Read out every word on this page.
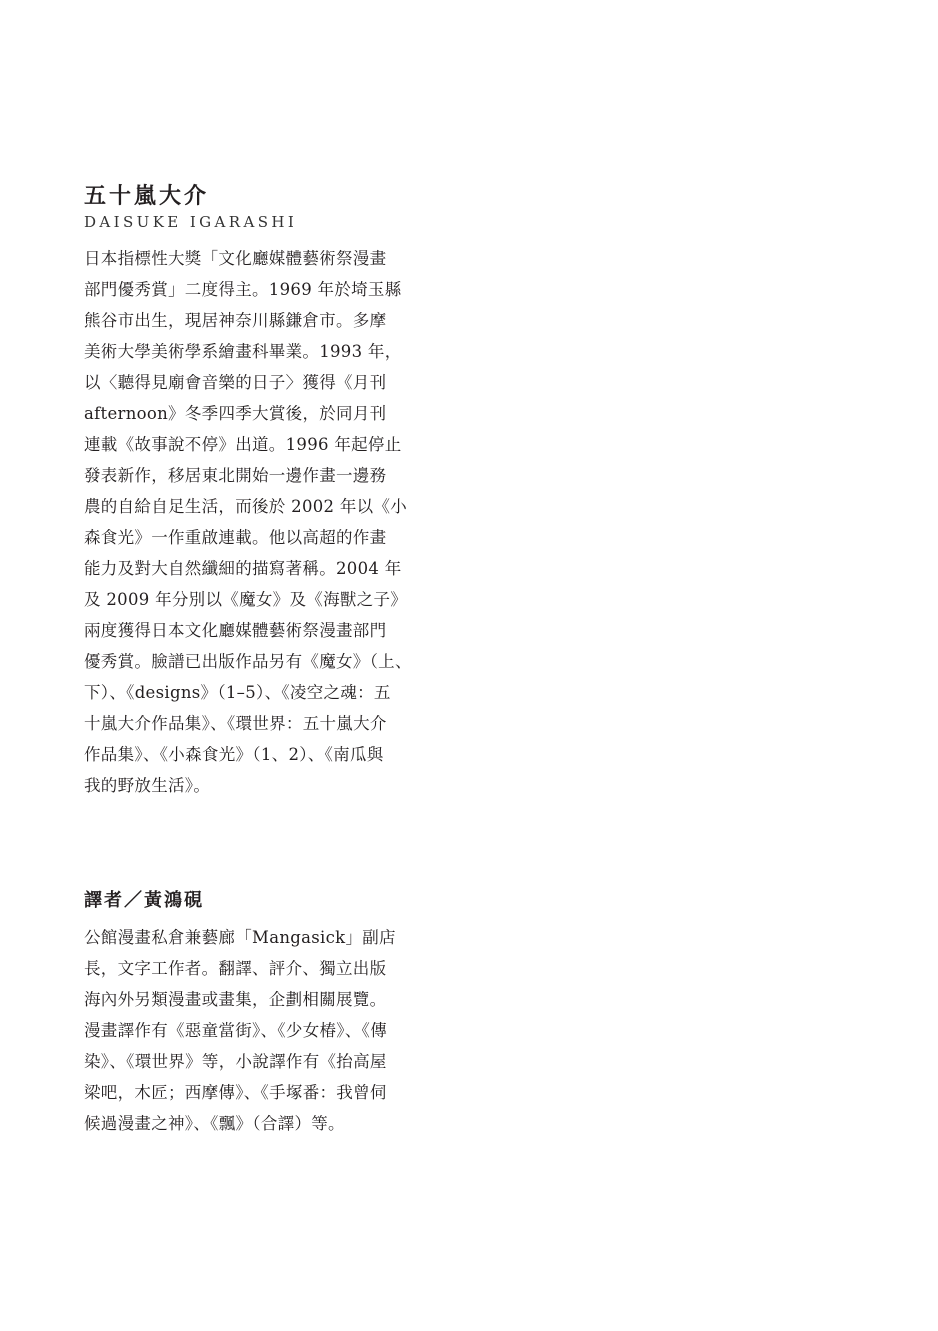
五十嵐大介
DAISUKE IGARASHI
日本指標性大獎「文化廳媒體藝術祭漫畫
部門優秀賞」二度得主。1969 年於埼玉縣
熊谷市出生，現居神奈川縣鎌倉市。多摩
美術大學美術學系繪畫科畢業。1993 年，
以〈聽得見廟會音樂的日子〉獲得《月刊
afternoon》冬季四季大賞後，於同月刊
連載《故事說不停》出道。1996 年起停止
發表新作，移居東北開始一邊作畫一邊務
農的自給自足生活，而後於 2002 年以《小
森食光》一作重啟連載。他以高超的作畫
能力及對大自然纖細的描寫著稱。2004 年
及 2009 年分別以《魔女》及《海獸之子》
兩度獲得日本文化廳媒體藝術祭漫畫部門
優秀賞。臉譜已出版作品另有《魔女》（上、
下）、《designs》（1–5）、《凌空之魂：五
十嵐大介作品集》、《環世界：五十嵐大介
作品集》、《小森食光》（1、2）、《南瓜與
我的野放生活》。
譯者／黃鴻硯
公館漫畫私倉兼藝廊「Mangasick」副店
長，文字工作者。翻譯、評介、獨立出版
海內外另類漫畫或畫集，企劃相關展覽。
漫畫譯作有《惡童當街》、《少女椿》、《傳
染》、《環世界》等，小說譯作有《抬高屋
梁吧，木匠；西摩傳》、《手塚番：我曾伺
候過漫畫之神》、《飄》（合譯）等。
